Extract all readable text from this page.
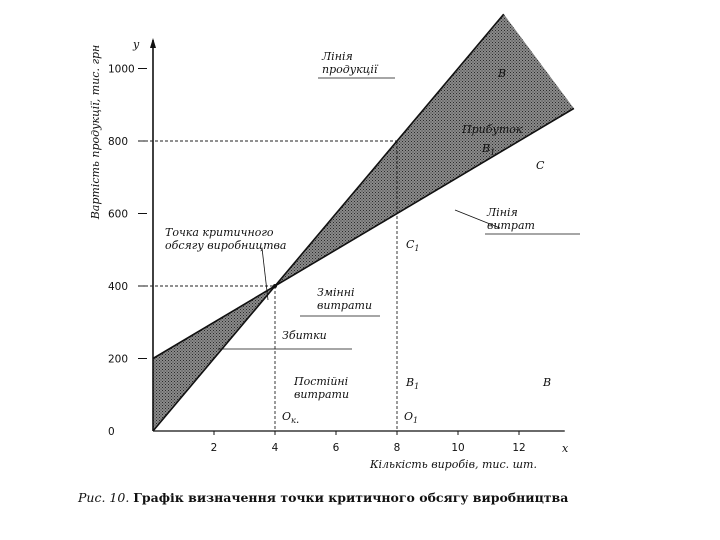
0
200
400
600
800
1000
2	4	6	8	10	12
y
x
Вартість продукції, тис. грн
Кількість виробів, тис. шт.
Лінія продукції
Точка критичного обсягу виробництва
Лінія витрат
Змінні витрати
Збитки
Постійні витрати
Прибуток
B
C
$C_1$
$B_1$	B
$O_1$
$O_к$.
$B_1$

Рис. 10. Графік визначення точки критичного обсягу виробництва
